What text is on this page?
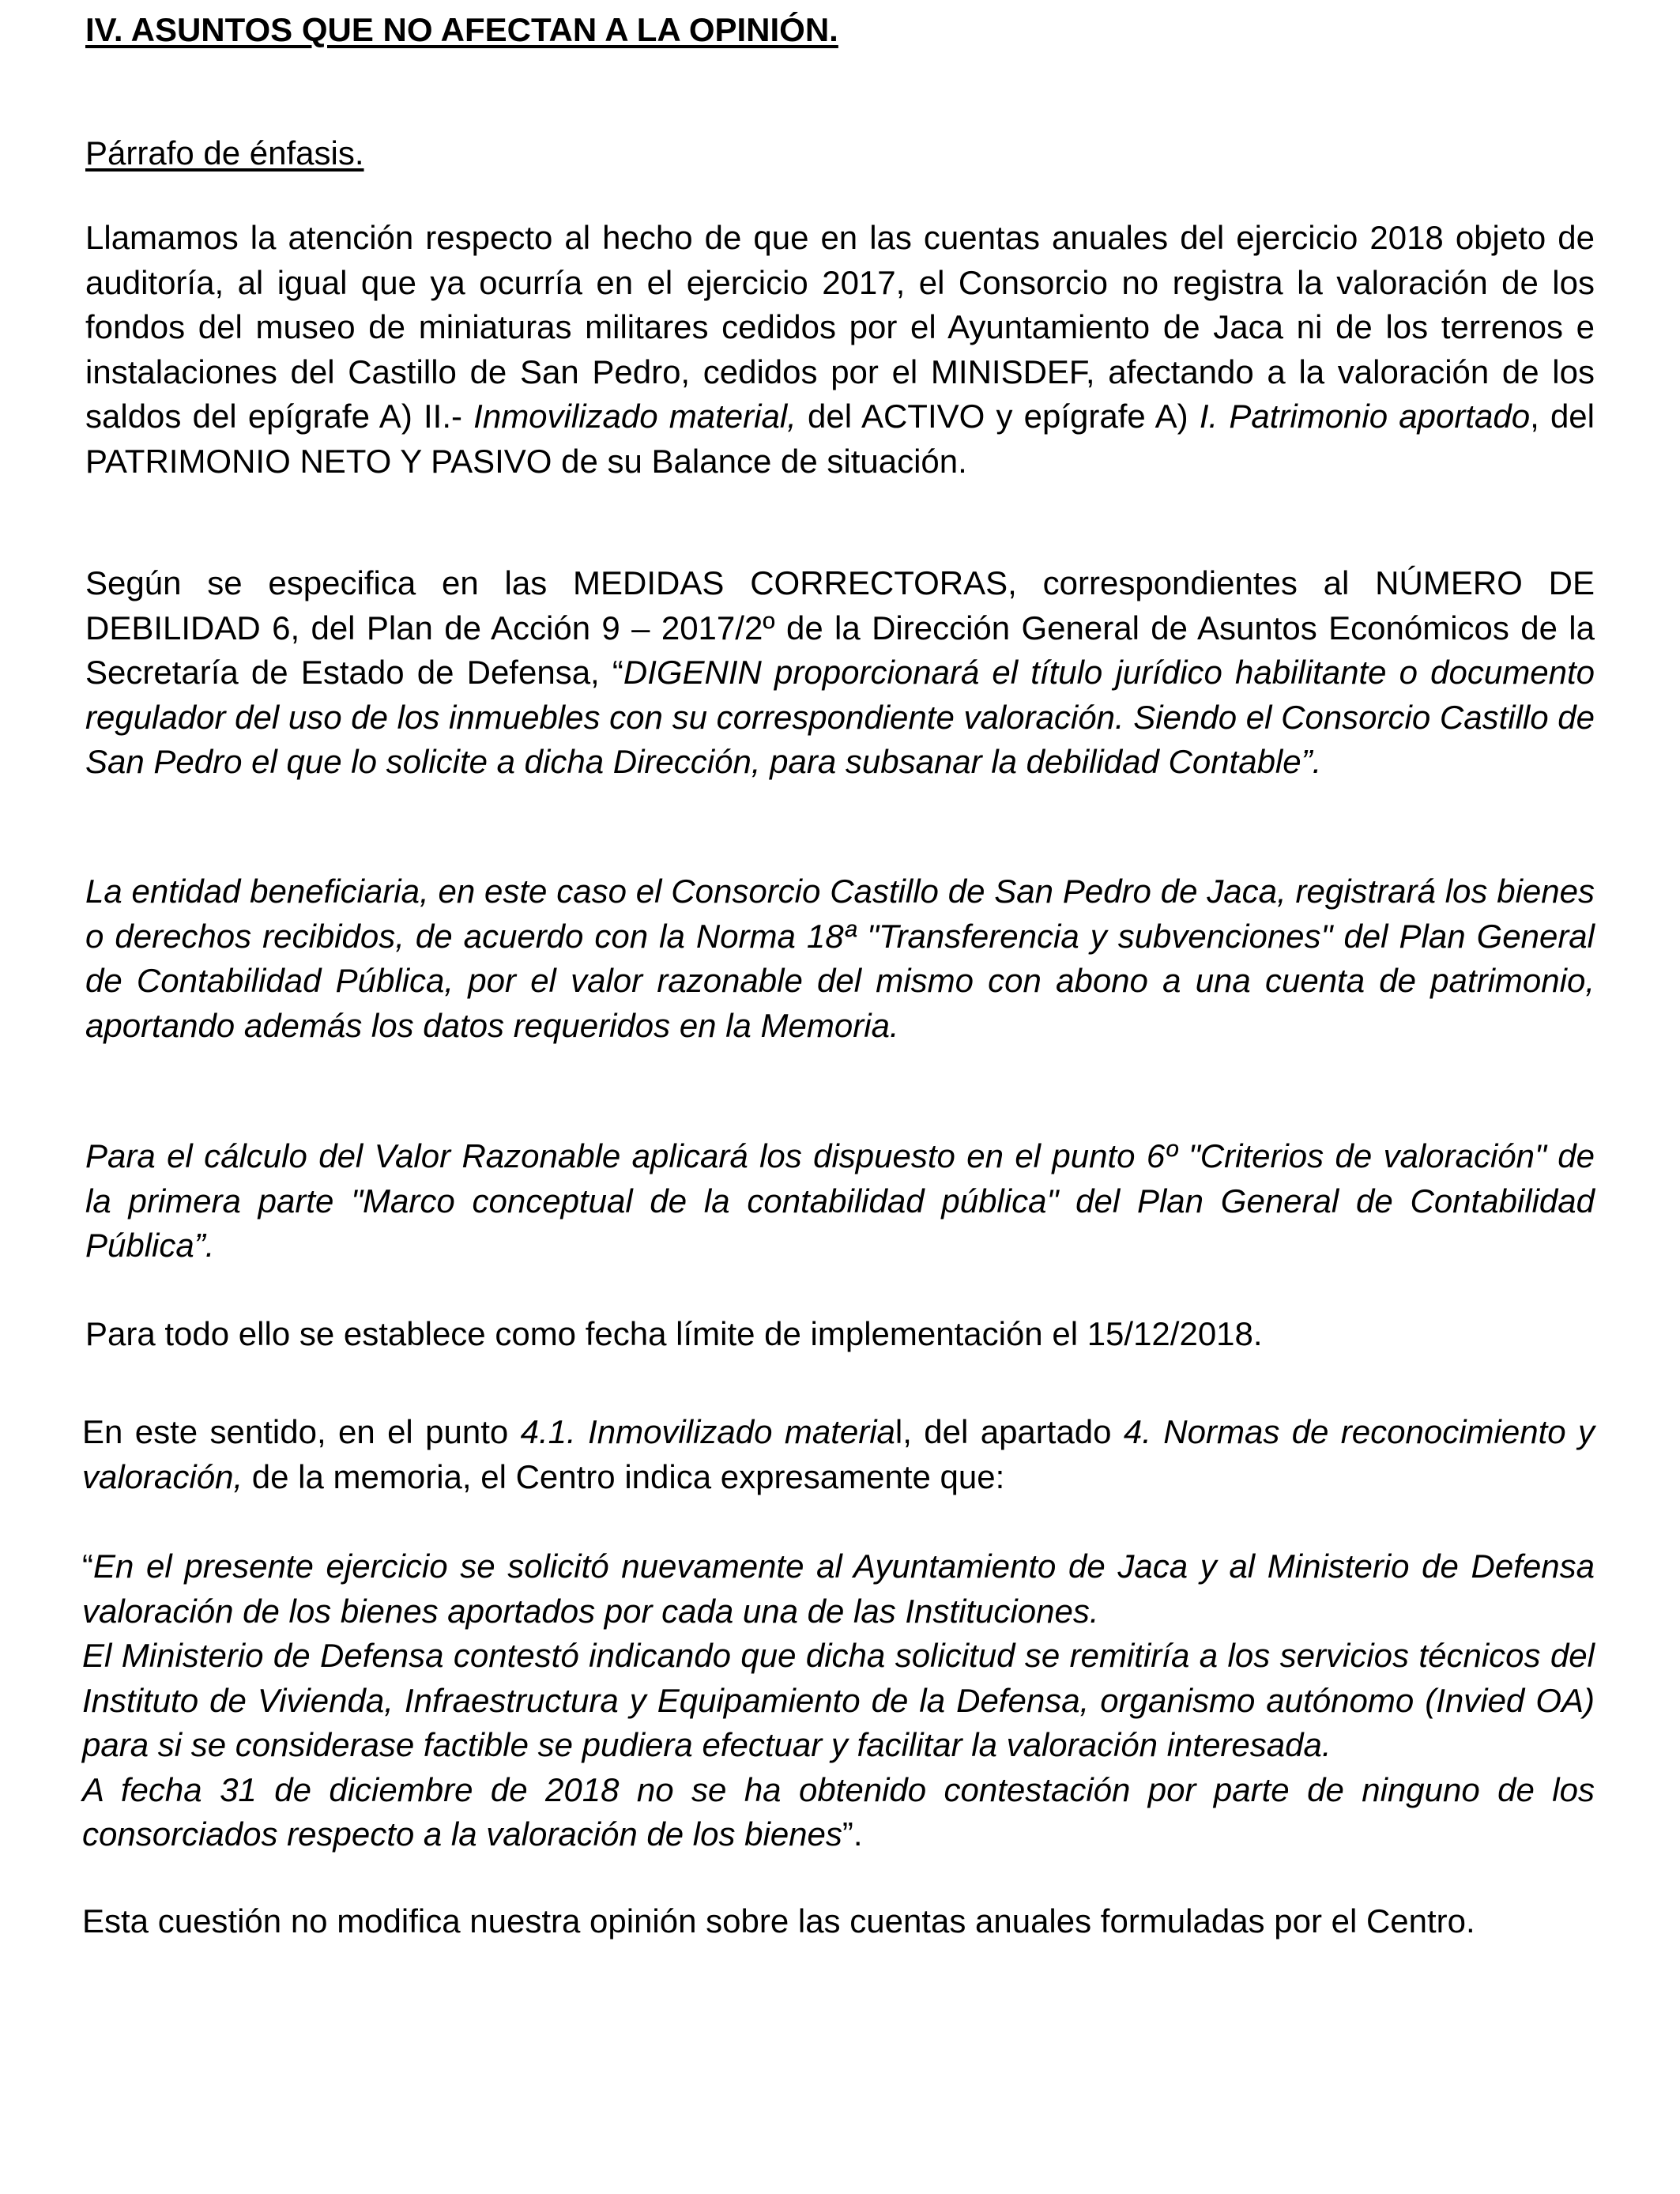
IV. ASUNTOS QUE NO AFECTAN A LA OPINIÓN.
Párrafo de énfasis.

Llamamos la atención respecto al hecho de que en las cuentas anuales del ejercicio 2018 objeto de auditoría, al igual que ya ocurría en el ejercicio 2017, el Consorcio no registra la valoración de los fondos del museo de miniaturas militares cedidos por el Ayuntamiento de Jaca ni de los terrenos e instalaciones del Castillo de San Pedro, cedidos por el MINISDEF, afectando a la valoración de los saldos del epígrafe A) II.- Inmovilizado material, del ACTIVO y epígrafe A) I. Patrimonio aportado, del PATRIMONIO NETO Y PASIVO de su Balance de situación.

Según se especifica en las MEDIDAS CORRECTORAS, correspondientes al NÚMERO DE DEBILIDAD 6, del Plan de Acción 9 – 2017/2º de la Dirección General de Asuntos Económicos de la Secretaría de Estado de Defensa, “DIGENIN proporcionará el título jurídico habilitante o documento regulador del uso de los inmuebles con su correspondiente valoración. Siendo el Consorcio Castillo de San Pedro el que lo solicite a dicha Dirección, para subsanar la debilidad Contable”.

La entidad beneficiaria, en este caso el Consorcio Castillo de San Pedro de Jaca, registrará los bienes o derechos recibidos, de acuerdo con la Norma 18ª "Transferencia y subvenciones" del Plan General de Contabilidad Pública, por el valor razonable del mismo con abono a una cuenta de patrimonio, aportando además los datos requeridos en la Memoria.

Para el cálculo del Valor Razonable aplicará los dispuesto en el punto 6º "Criterios de valoración" de la primera parte "Marco conceptual de la contabilidad pública" del Plan General de Contabilidad Pública”.

Para todo ello se establece como fecha límite de implementación el 15/12/2018.

En este sentido, en el punto 4.1. Inmovilizado material, del apartado 4. Normas de reconocimiento y valoración, de la memoria, el Centro indica expresamente que:

“En el presente ejercicio se solicitó nuevamente al Ayuntamiento de Jaca y al Ministerio de Defensa valoración de los bienes aportados por cada una de las Instituciones.
El Ministerio de Defensa contestó indicando que dicha solicitud se remitiría a los servicios técnicos del Instituto de Vivienda, Infraestructura y Equipamiento de la Defensa, organismo autónomo (Invied OA) para si se considerase factible se pudiera efectuar y facilitar la valoración interesada.
A fecha 31 de diciembre de 2018 no se ha obtenido contestación por parte de ninguno de los consorciados respecto a la valoración de los bienes”.

Esta cuestión no modifica nuestra opinión sobre las cuentas anuales formuladas por el Centro.
